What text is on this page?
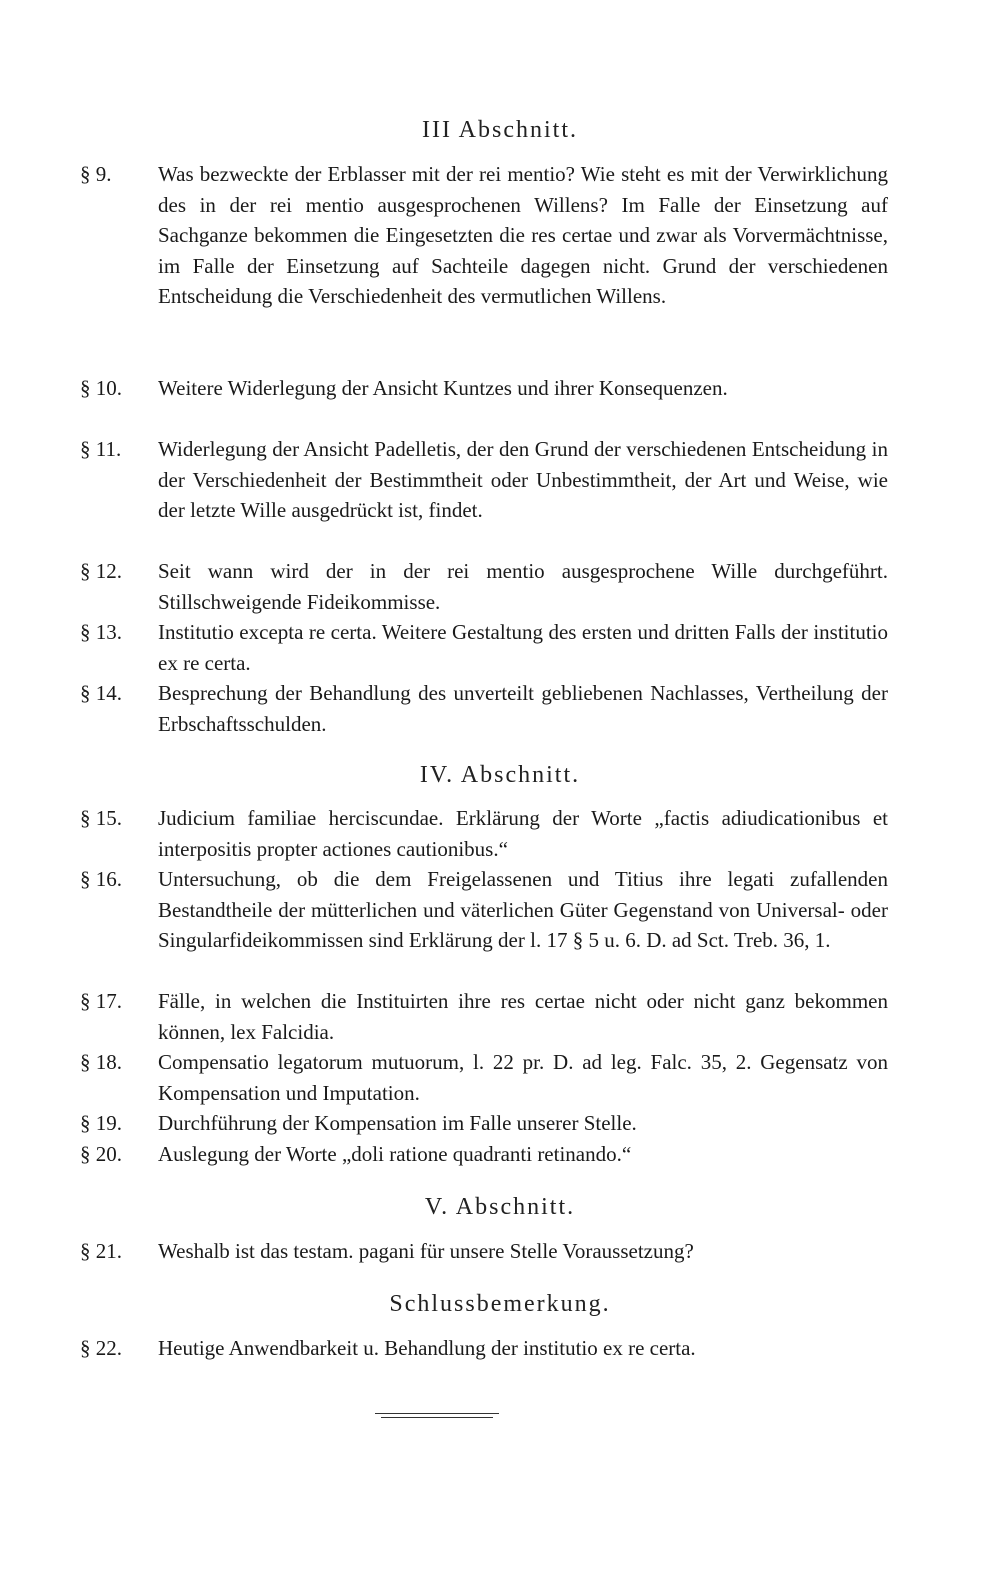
III Abschnitt.
§ 9.	Was bezweckte der Erblasser mit der rei mentio? Wie steht es mit der Verwirklichung des in der rei mentio ausgesprochenen Willens? Im Falle der Einsetzung auf Sachganze bekommen die Eingesetzten die res certae und zwar als Vorvermächtnisse, im Falle der Einsetzung auf Sachteile dagegen nicht. Grund der verschiedenen Entscheidung die Verschiedenheit des vermutlichen Willens.
§ 10.	Weitere Widerlegung der Ansicht Kuntzes und ihrer Konsequenzen.
§ 11.	Widerlegung der Ansicht Padelletis, der den Grund der verschiedenen Entscheidung in der Verschiedenheit der Bestimmtheit oder Unbestimmtheit, der Art und Weise, wie der letzte Wille ausgedrückt ist, findet.
§ 12.	Seit wann wird der in der rei mentio ausgesprochene Wille durchgeführt. Stillschweigende Fideikommisse.
§ 13.	Institutio excepta re certa. Weitere Gestaltung des ersten und dritten Falls der institutio ex re certa.
§ 14.	Besprechung der Behandlung des unverteilt gebliebenen Nachlasses, Vertheilung der Erbschaftsschulden.
IV. Abschnitt.
§ 15.	Judicium familiae herciscundae. Erklärung der Worte „factis adiudicationibus et interpositis propter actiones cautionibus.“
§ 16.	Untersuchung, ob die dem Freigelassenen und Titius ihre legati zufallenden Bestandtheile der mütterlichen und väterlichen Güter Gegenstand von Universal- oder Singularfideikommissen sind Erklärung der l. 17 § 5 u. 6. D. ad Sct. Treb. 36, 1.
§ 17.	Fälle, in welchen die Instituirten ihre res certae nicht oder nicht ganz bekommen können, lex Falcidia.
§ 18.	Compensatio legatorum mutuorum, l. 22 pr. D. ad leg. Falc. 35, 2. Gegensatz von Kompensation und Imputation.
§ 19.	Durchführung der Kompensation im Falle unserer Stelle.
§ 20.	Auslegung der Worte „doli ratione quadranti retinando.“
V. Abschnitt.
§ 21.	Weshalb ist das testam. pagani für unsere Stelle Voraussetzung?
Schlussbemerkung.
§ 22.	Heutige Anwendbarkeit u. Behandlung der institutio ex re certa.
